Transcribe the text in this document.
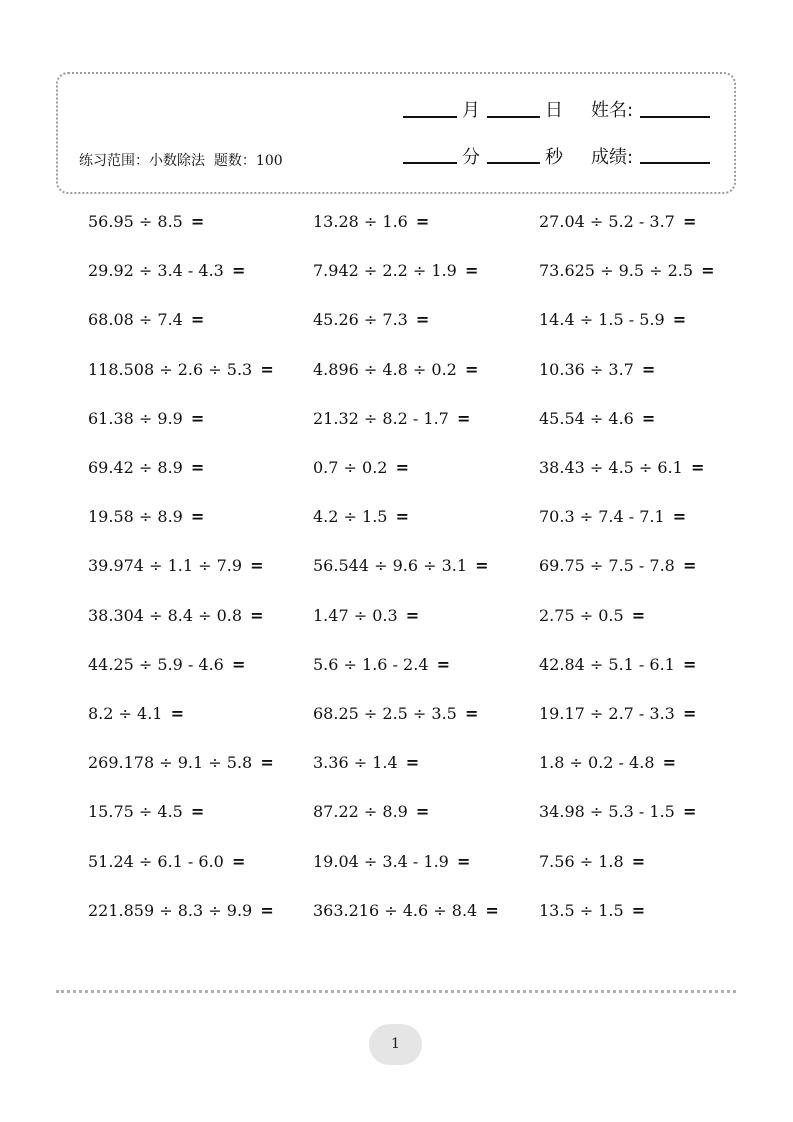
练习范围：小数除法 题数：100
月	日 姓名:
分	秒 成绩:
56.95 ÷ 8.5 =	13.28 ÷ 1.6 =	27.04 ÷ 5.2 - 3.7 =
29.92 ÷ 3.4 - 4.3 =	7.942 ÷ 2.2 ÷ 1.9 =	73.625 ÷ 9.5 ÷ 2.5 =
68.08 ÷ 7.4 =	45.26 ÷ 7.3 =	14.4 ÷ 1.5 - 5.9 =
118.508 ÷ 2.6 ÷ 5.3 = 4.896 ÷ 4.8 ÷ 0.2 =	10.36 ÷ 3.7 =
61.38 ÷ 9.9 =	21.32 ÷ 8.2 - 1.7 =	45.54 ÷ 4.6 =
69.42 ÷ 8.9 =	0.7 ÷ 0.2 =	38.43 ÷ 4.5 ÷ 6.1 =
19.58 ÷ 8.9 =	4.2 ÷ 1.5 =	70.3 ÷ 7.4 - 7.1 =
39.974 ÷ 1.1 ÷ 7.9 =	56.544 ÷ 9.6 ÷ 3.1 =	69.75 ÷ 7.5 - 7.8 =
38.304 ÷ 8.4 ÷ 0.8 =	1.47 ÷ 0.3 =	2.75 ÷ 0.5 =
44.25 ÷ 5.9 - 4.6 =	5.6 ÷ 1.6 - 2.4 =	42.84 ÷ 5.1 - 6.1 =
8.2 ÷ 4.1 =	68.25 ÷ 2.5 ÷ 3.5 =	19.17 ÷ 2.7 - 3.3 =
269.178 ÷ 9.1 ÷ 5.8 = 3.36 ÷ 1.4 =	1.8 ÷ 0.2 - 4.8 =
15.75 ÷ 4.5 =	87.22 ÷ 8.9 =	34.98 ÷ 5.3 - 1.5 =
51.24 ÷ 6.1 - 6.0 =	19.04 ÷ 3.4 - 1.9 =	7.56 ÷ 1.8 =
221.859 ÷ 8.3 ÷ 9.9 = 363.216 ÷ 4.6 ÷ 8.4 =	13.5 ÷ 1.5 =
1
